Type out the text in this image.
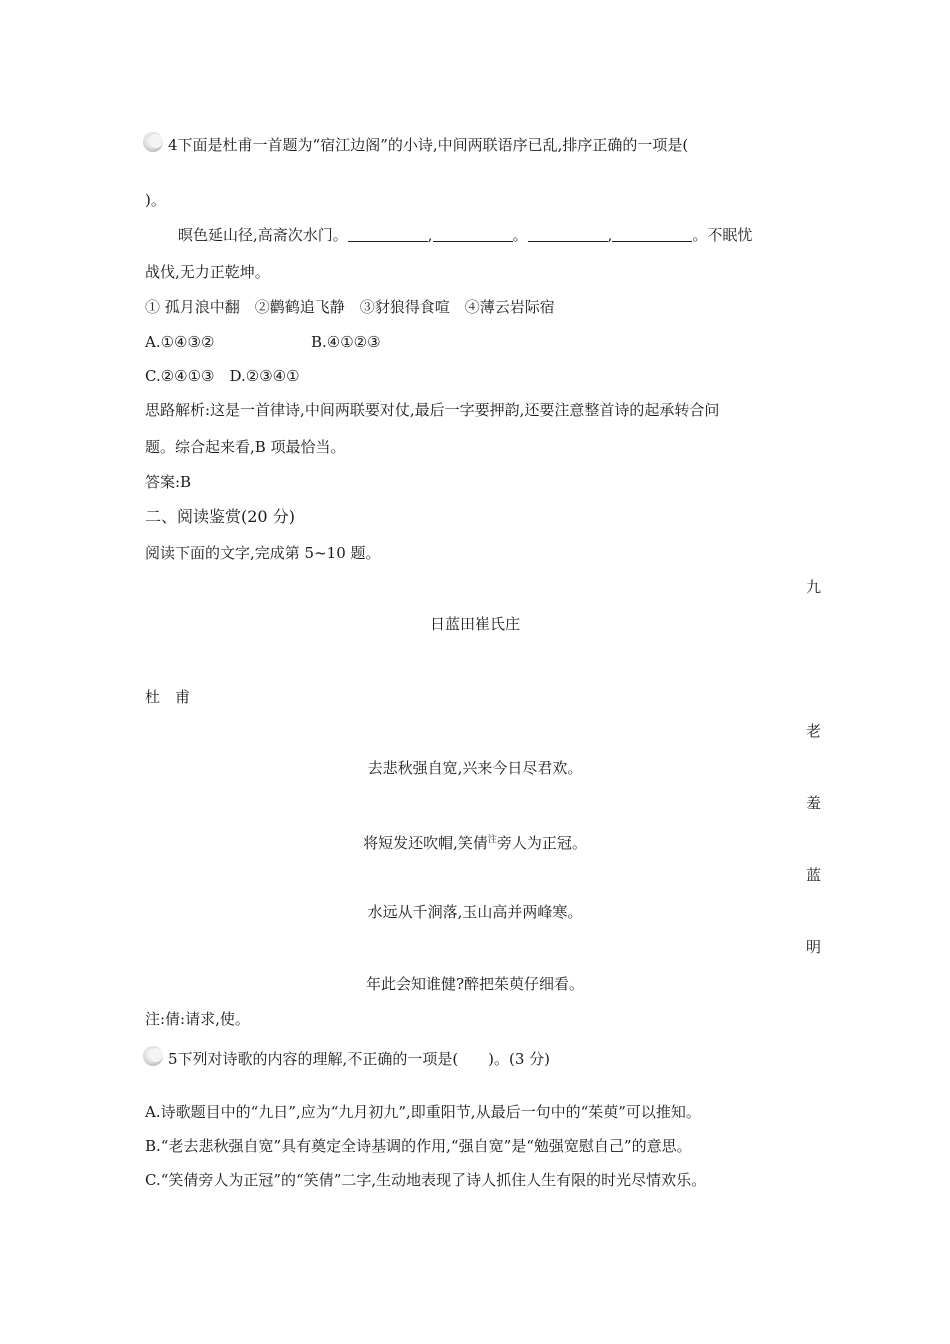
4下面是杜甫一首题为“宿江边阁”的小诗,中间两联语序已乱,排序正确的一项是(
)。
暝色延山径,高斋次水门。	,	。	,	。不眠忧
战伐,无力正乾坤。
① 孤月浪中翻　②鹳鹤追飞静　③豺狼得食喧　④薄云岩际宿
A.①④③②	B.④①②③
C.②④①③　D.②③④①
思路解析:这是一首律诗,中间两联要对仗,最后一字要押韵,还要注意整首诗的起承转合问
题。综合起来看,B 项最恰当。
答案:B
二、阅读鉴赏(20 分)
阅读下面的文字,完成第 5~10 题。
九
日蓝田崔氏庄
杜　甫
老
去悲秋强自宽,兴来今日尽君欢。
羞
将短发还吹帽,笑倩$^注$旁人为正冠。
蓝
水远从千涧落,玉山高并两峰寒。
明
年此会知谁健?醉把茱萸仔细看。
注:倩:请求,使。
5下列对诗歌的内容的理解,不正确的一项是(　　)。(3 分)
A.诗歌题目中的“九日”,应为“九月初九”,即重阳节,从最后一句中的“茱萸”可以推知。
B.“老去悲秋强自宽”具有奠定全诗基调的作用,“强自宽”是“勉强宽慰自己”的意思。
C.“笑倩旁人为正冠”的“笑倩”二字,生动地表现了诗人抓住人生有限的时光尽情欢乐。
